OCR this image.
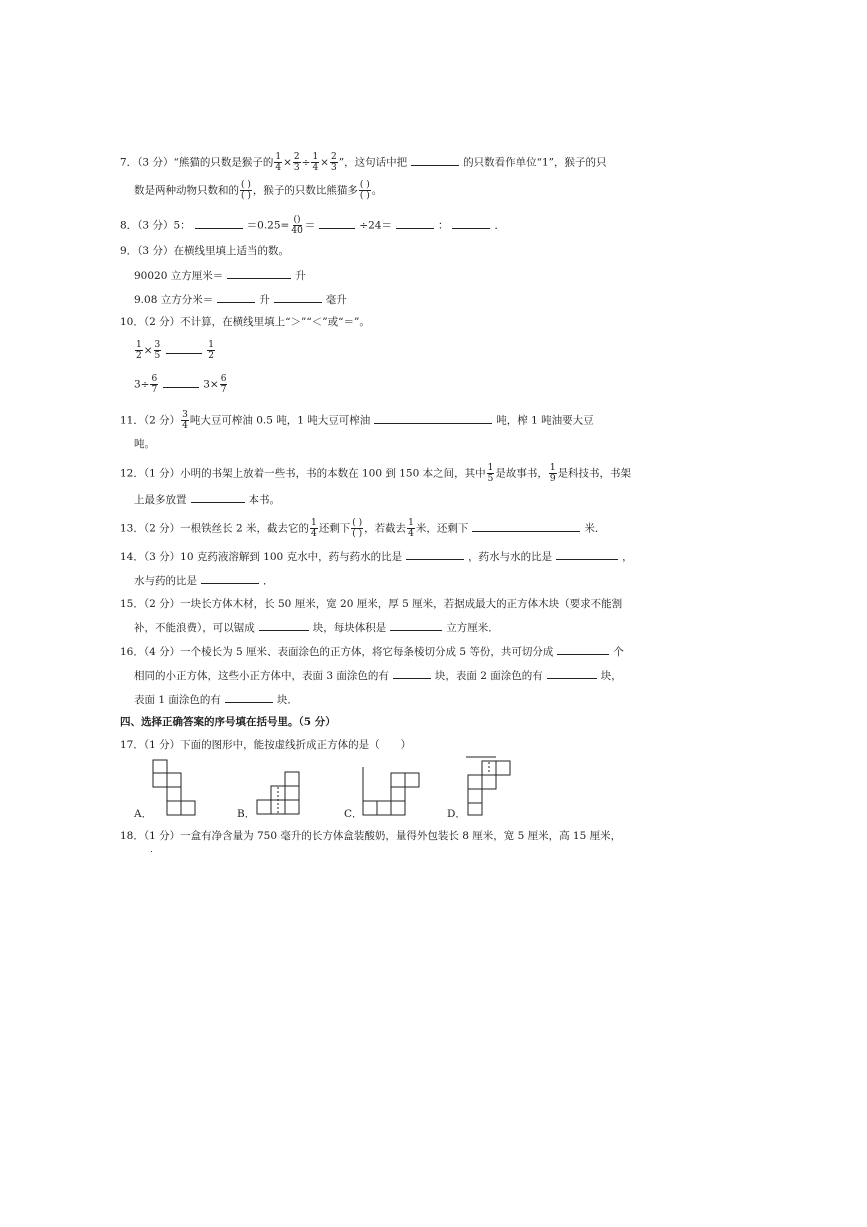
7．（3 分）“熊猫的只数是猴子的 $\frac{1}{4} \times \frac{2}{3} \div \frac{1}{4} \times \frac{2}{3}$ ”，这句话中把	的只数看作单位“1”，猴子的只
数是两种动物只数和的 $\frac{( )}{( )}$ ，猴子的只数比熊猫多 $\frac{( )}{( )}$ 。
8．（3 分）5：	$=0.25= \frac{()}{40}$ ＝	÷24＝	：	．
9．（3 分）在横线里填上适当的数。
90020 立方厘米＝	升
9.08 立方分米＝	升	毫升
10．（2 分）不计算，在横线里填上“＞”“＜”或“＝”。
$\frac{1}{2} \times \frac{3}{5}$	$\frac{1}{2}$
$3\div \frac{6}{7}$	$3\times \frac{6}{7}$
11．（2 分） $\frac{3}{4}$ 吨大豆可榨油 0.5 吨，1 吨大豆可榨油	吨，榨 1 吨油要大豆
吨。
12．（1 分）小明的书架上放着一些书，书的本数在 100 到 150 本之间，其中 $\frac{1}{5}$ 是故事书， $\frac{1}{9}$ 是科技书，书架
上最多放置	本书。
13．（2 分）一根铁丝长 2 米，截去它的 $\frac{1}{4}$ 还剩下 $\frac{( )}{( )}$ ，若截去 $\frac{1}{4}$ 米，还剩下	米．
14．（3 分）10 克药液溶解到 100 克水中，药与药水的比是	，药水与水的比是	，
水与药的比是	．
15．（2 分）一块长方体木材，长 50 厘米，宽 20 厘米，厚 5 厘米，若据成最大的正方体木块（要求不能割
补，不能浪费），可以锯成	块，每块体积是	立方厘米．
16．（4 分）一个棱长为 5 厘米、表面涂色的正方体，将它每条棱切分成 5 等份，共可切分成	个
相同的小正方体，这些小正方体中，表面 3 面涂色的有	块，表面 2 面涂色的有	块，
表面 1 面涂色的有	块．
四、选择正确答案的序号填在括号里。（5 分）
17．（1 分）下面的图形中，能按虚线折成正方体的是（　　）
A．	B．	C．	D．
18．（1 分）一盒有净含量为 750 毫升的长方体盒装酸奶，量得外包装长 8 厘米，宽 5 厘米，高 15 厘米，
